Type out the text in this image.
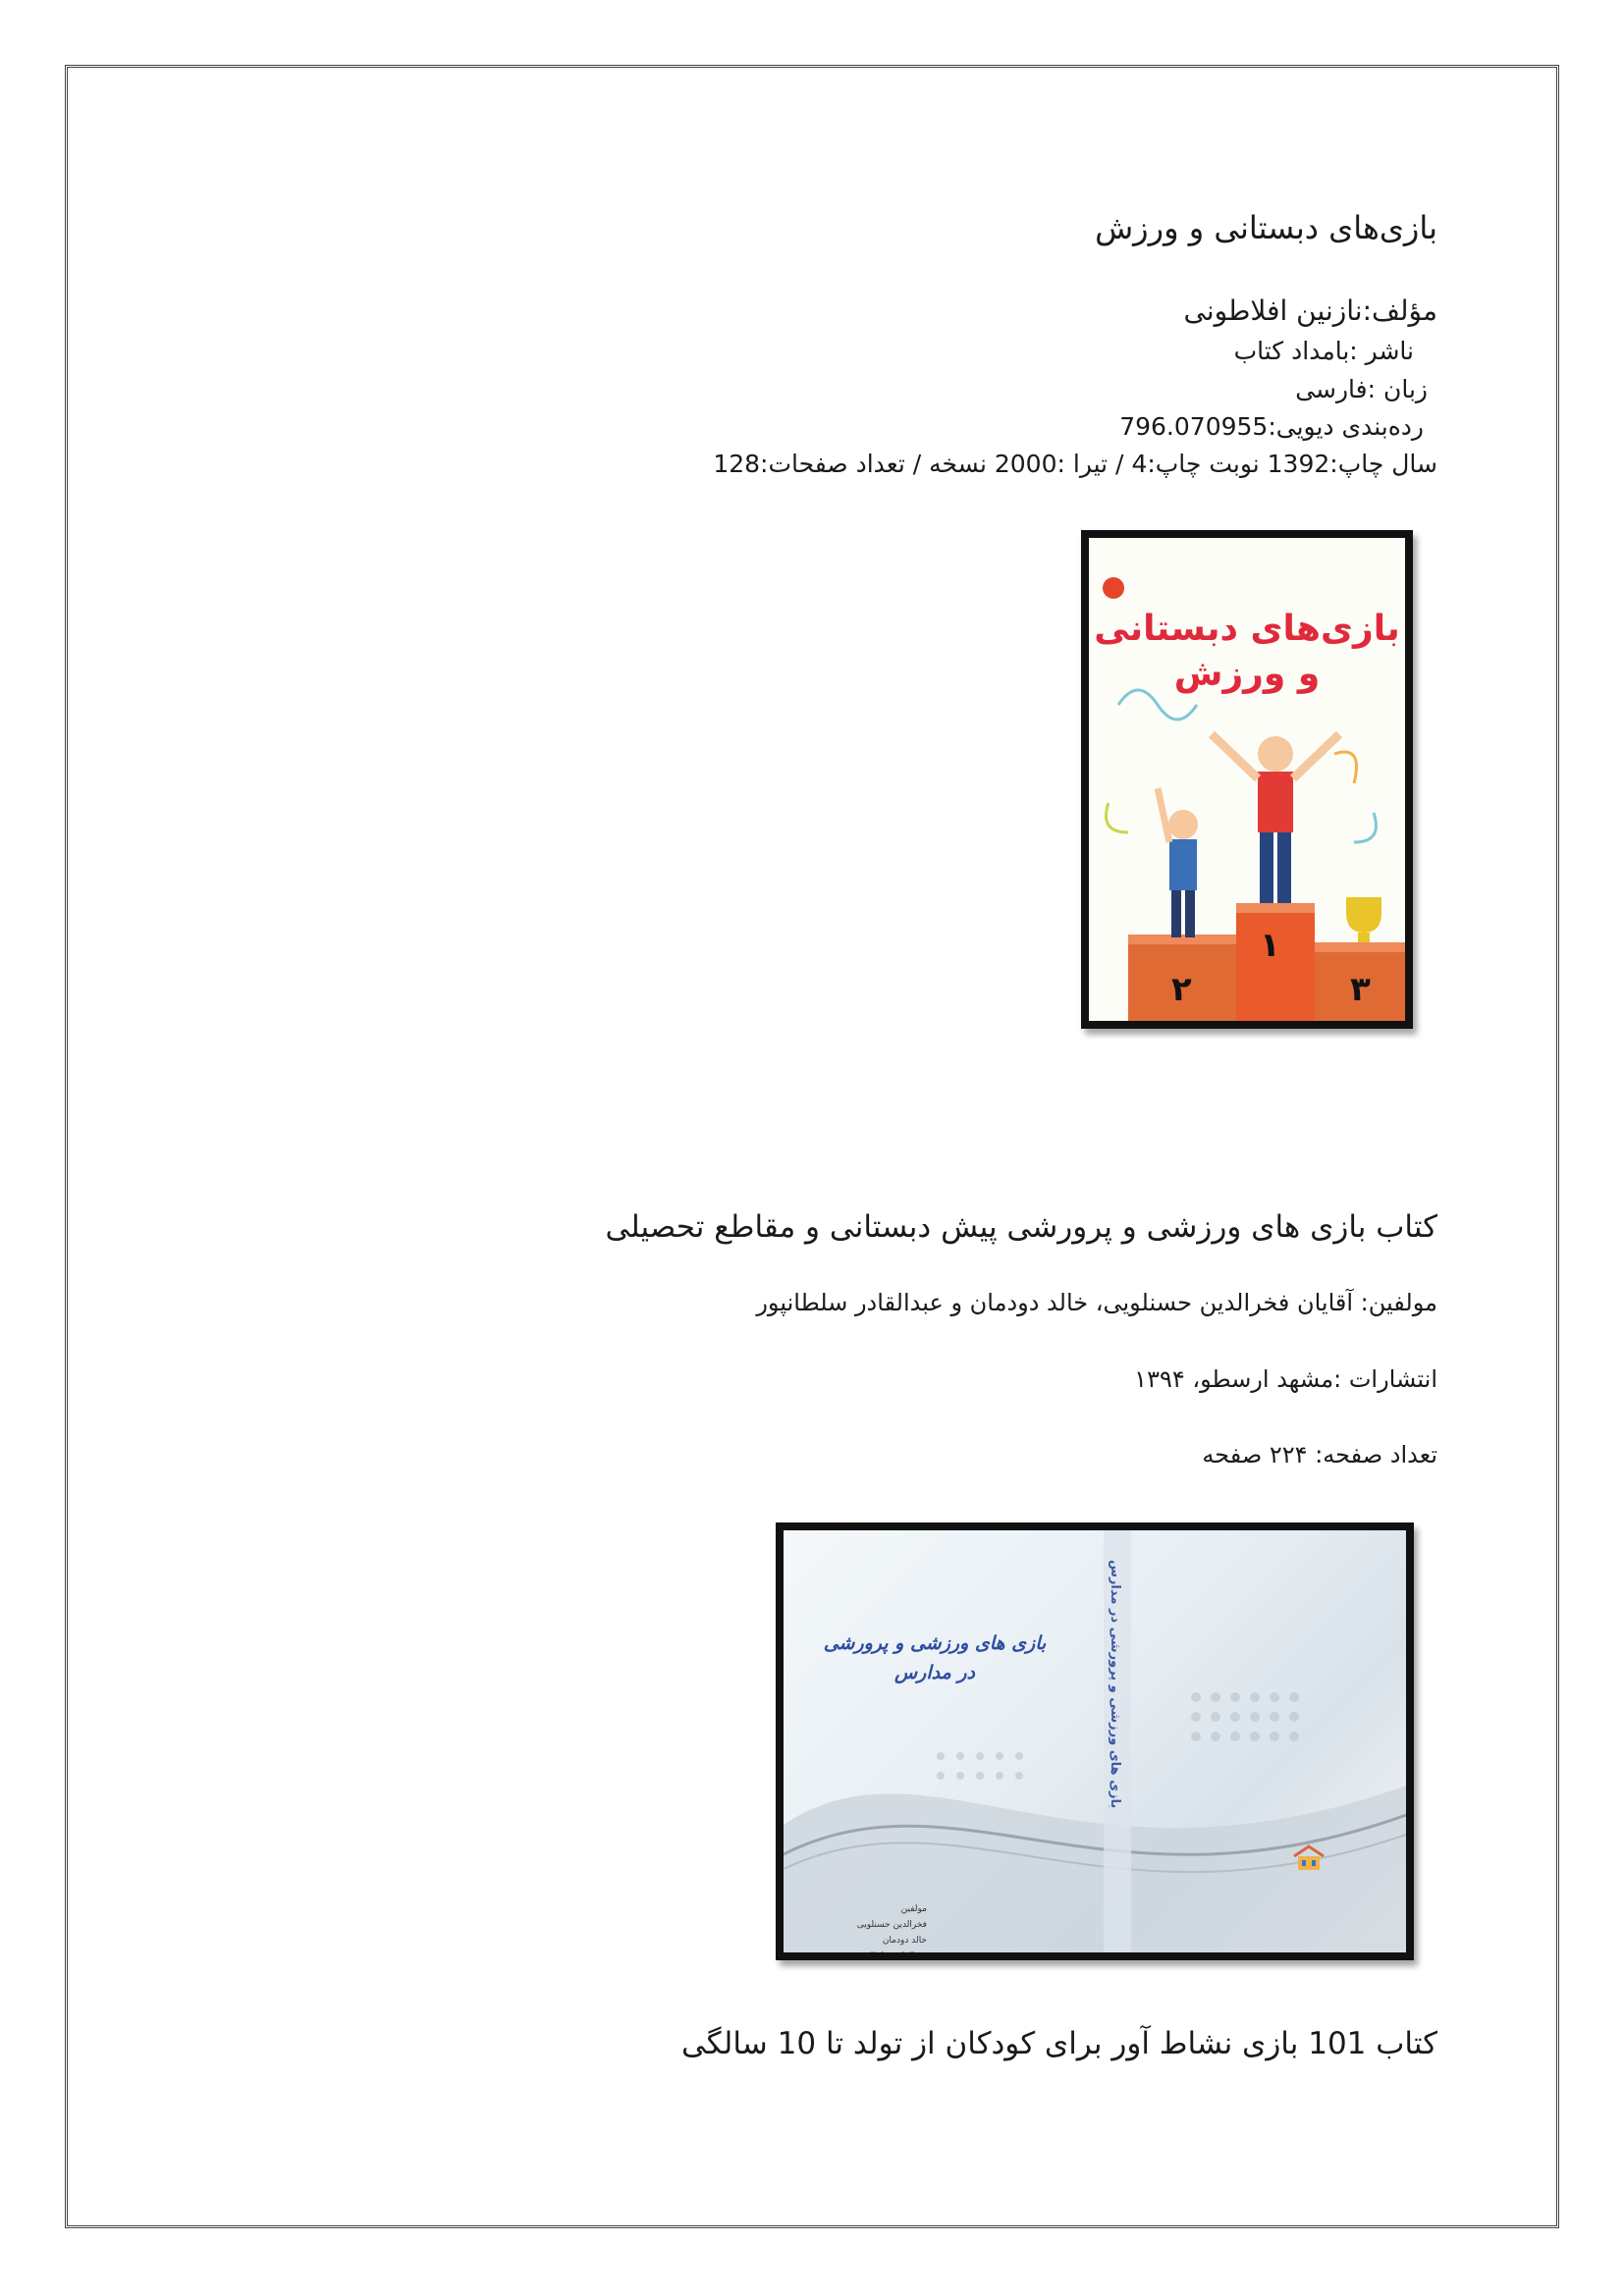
بازی‌های دبستانی و ورزش
مؤلف:نازنین افلاطونی
ناشر :بامداد کتاب
زبان :فارسی
رده‌بندی دیویی:796.070955
سال چاپ:1392 نوبت چاپ:4 / تیرا :2000 نسخه / تعداد صفحات:128
بازی‌های دبستانی
و ورزش
۱
۲	۳
کتاب بازی های ورزشی و پرورشی پیش دبستانی و مقاطع تحصیلی
مولفین: آقایان فخرالدین حسنلویی، خالد دودمان و عبدالقادر سلطانپور
انتشارات :مشهد ارسطو، ۱۳۹۴
تعداد صفحه: ۲۲۴ صفحه
بازی های ورزشی و پرورشی در مدارس
بازی های ورزشی و پرورشی
در مدارس
مولفین
فخرالدین حسنلویی
خالد دودمان
عبدالقادر سلطانپور
کتاب 101 بازی نشاط آور برای کودکان از تولد تا 10 سالگی
